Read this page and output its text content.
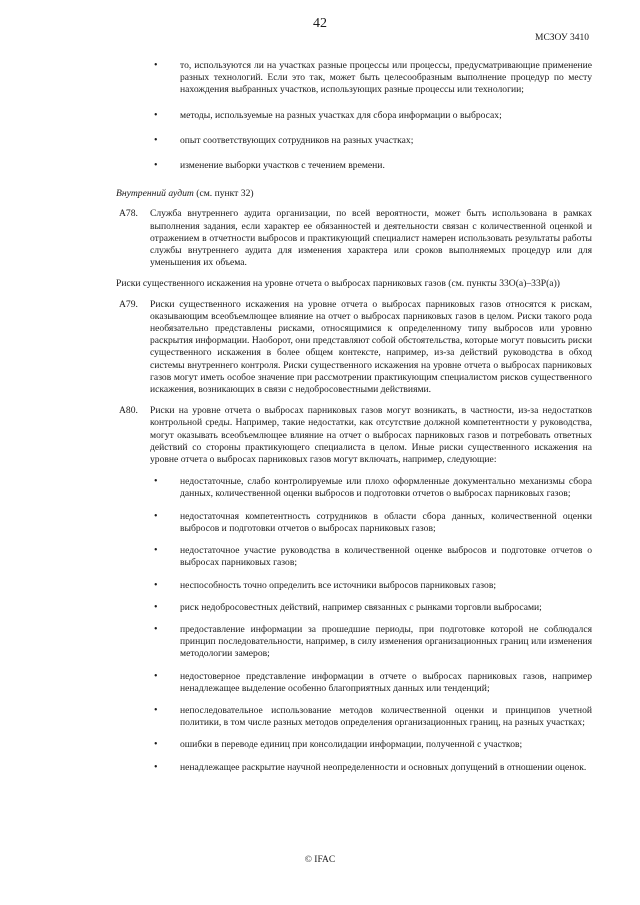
42
МСЗОУ 3410
• то, используются ли на участках разные процессы или процессы, предусматривающие применение разных технологий. Если это так, может быть целесообразным выполнение процедур по месту нахождения выбранных участков, использующих разные процессы или технологии;
• методы, используемые на разных участках для сбора информации о выбросах;
• опыт соответствующих сотрудников на разных участках;
• изменение выборки участков с течением времени.
Внутренний аудит (см. пункт 32)
А78. Служба внутреннего аудита организации, по всей вероятности, может быть использована в рамках выполнения задания, если характер ее обязанностей и деятельности связан с количественной оценкой и отражением в отчетности выбросов и практикующий специалист намерен использовать результаты работы службы внутреннего аудита для изменения характера или сроков выполняемых процедур или для уменьшения их объема.
Риски существенного искажения на уровне отчета о выбросах парниковых газов (см. пункты 33О(a)–33Р(a))
А79. Риски существенного искажения на уровне отчета о выбросах парниковых газов относятся к рискам, оказывающим всеобъемлющее влияние на отчет о выбросах парниковых газов в целом. Риски такого рода необязательно представлены рисками, относящимися к определенному типу выбросов или уровню раскрытия информации. Наоборот, они представляют собой обстоятельства, которые могут повысить риски существенного искажения в более общем контексте, например, из-за действий руководства в обход системы внутреннего контроля. Риски существенного искажения на уровне отчета о выбросах парниковых газов могут иметь особое значение при рассмотрении практикующим специалистом рисков существенного искажения, возникающих в связи с недобросовестными действиями.
А80. Риски на уровне отчета о выбросах парниковых газов могут возникать, в частности, из-за недостатков контрольной среды. Например, такие недостатки, как отсутствие должной компетентности у руководства, могут оказывать всеобъемлющее влияние на отчет о выбросах парниковых газов и потребовать ответных действий со стороны практикующего специалиста в целом. Иные риски существенного искажения на уровне отчета о выбросах парниковых газов могут включать, например, следующие:
• недостаточные, слабо контролируемые или плохо оформленные документально механизмы сбора данных, количественной оценки выбросов и подготовки отчетов о выбросах парниковых газов;
• недостаточная компетентность сотрудников в области сбора данных, количественной оценки выбросов и подготовки отчетов о выбросах парниковых газов;
• недостаточное участие руководства в количественной оценке выбросов и подготовке отчетов о выбросах парниковых газов;
• неспособность точно определить все источники выбросов парниковых газов;
• риск недобросовестных действий, например связанных с рынками торговли выбросами;
• предоставление информации за прошедшие периоды, при подготовке которой не соблюдался принцип последовательности, например, в силу изменения организационных границ или изменения методологии замеров;
• недостоверное представление информации в отчете о выбросах парниковых газов, например ненадлежащее выделение особенно благоприятных данных или тенденций;
• непоследовательное использование методов количественной оценки и принципов учетной политики, в том числе разных методов определения организационных границ, на разных участках;
• ошибки в переводе единиц при консолидации информации, полученной с участков;
• ненадлежащее раскрытие научной неопределенности и основных допущений в отношении оценок.
© IFAC
